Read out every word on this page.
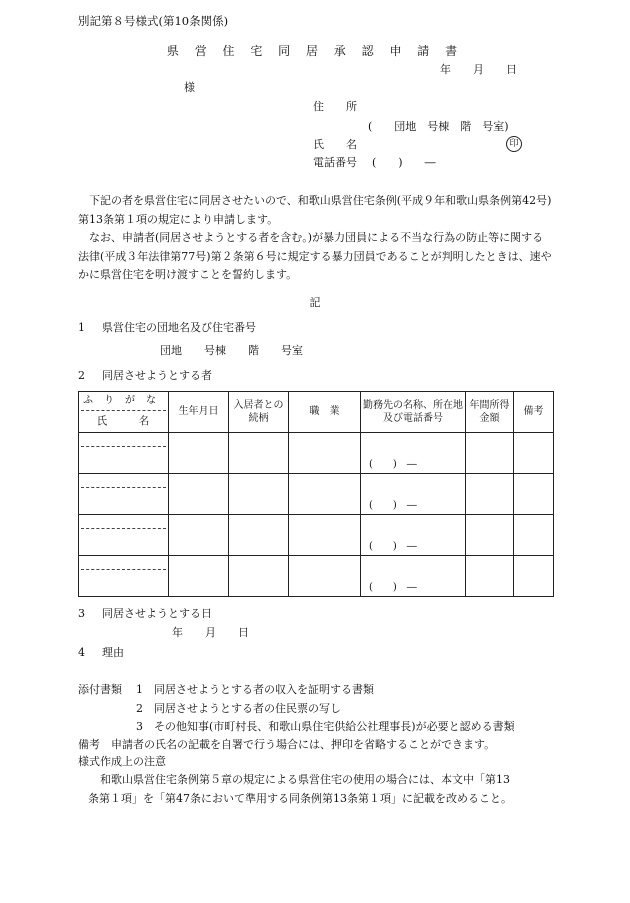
別記第８号様式(第10条関係)
県 営 住 宅 同 居 承 認 申 請 書
年　　月　　日
様
住　　所
(　　団地　号棟　階　号室)
氏　　名	印
電話番号 (　　)　　―
下記の者を県営住宅に同居させたいので、和歌山県営住宅条例(平成９年和歌山県条例第42号)第13条第１項の規定により申請します。
なお、申請者(同居させようとする者を含む。)が暴力団員による不当な行為の防止等に関する法律(平成３年法律第77号)第２条第６号に規定する暴力団員であることが判明したときは、速やかに県営住宅を明け渡すことを誓約します。
記
1 県営住宅の団地名及び住宅番号
団地　　号棟　　階　　号室
2 同居させようとする者
ふりがな
氏　　　名	生年月日	入居者との続柄	職　業	勤務先の名称、所在地及び電話番号	年間所得金額	備考

				(　　)　―		

				(　　)　―		

				(　　)　―		

				(　　)　―		

3 同居させようとする日
年　　月　　日
4 理由
添付書類 1　同居させようとする者の収入を証明する書類
2　同居させようとする者の住民票の写し
3　その他知事(市町村長、和歌山県住宅供給公社理事長)が必要と認める書類
備考　申請者の氏名の記載を自署で行う場合には、押印を省略することができます。
様式作成上の注意
和歌山県営住宅条例第５章の規定による県営住宅の使用の場合には、本文中「第13
条第１項」を「第47条において準用する同条例第13条第１項」に記載を改めること。
